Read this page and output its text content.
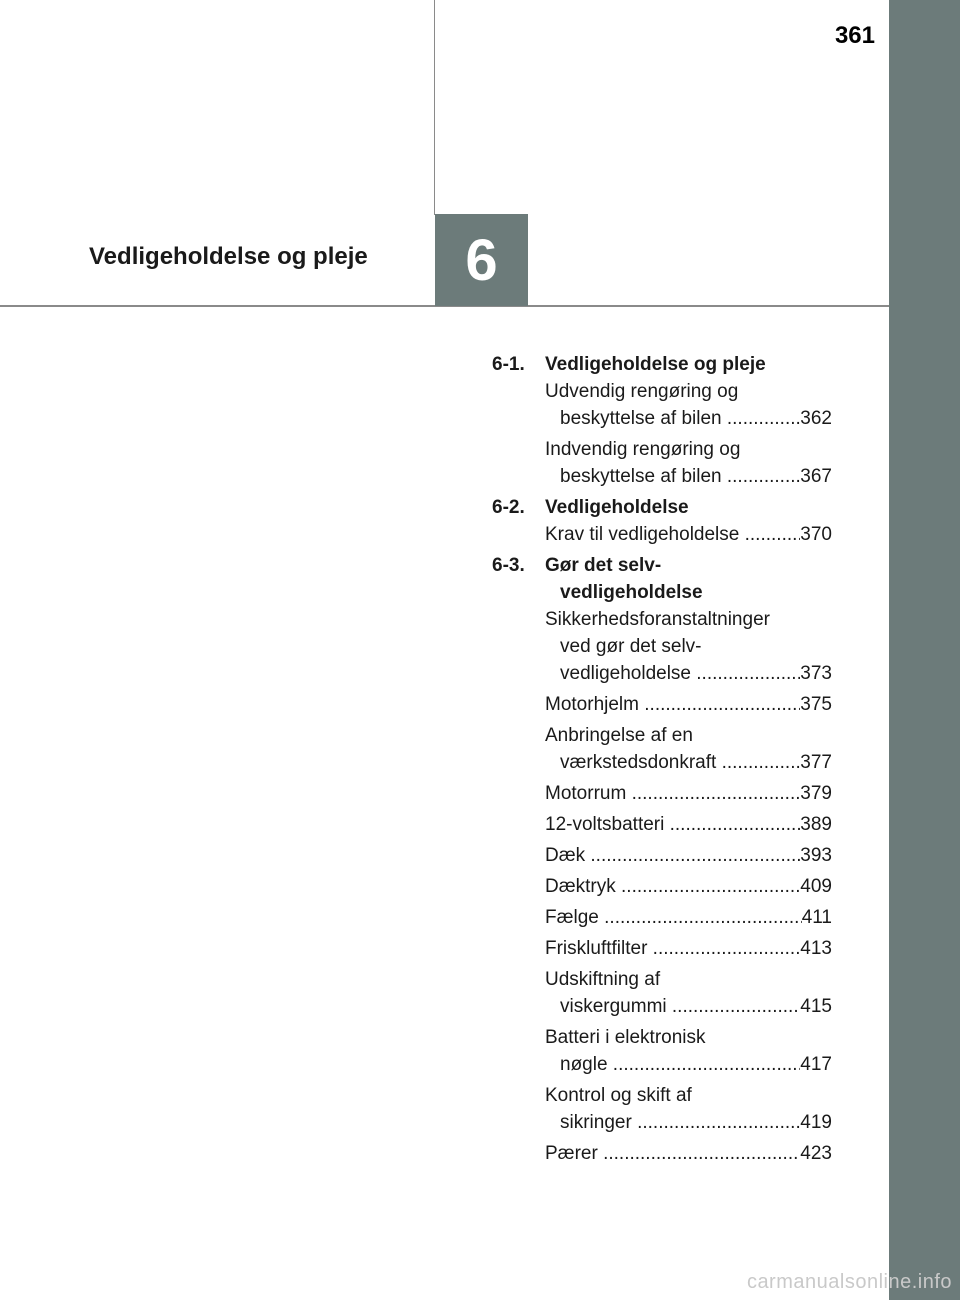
361
6
Vedligeholdelse og pleje
6-1.	Vedligeholdelse og pleje
Udvendig rengøring og
beskyttelse af bilen .....	362
Indvendig rengøring og
beskyttelse af bilen .....	367
6-2.	Vedligeholdelse
Krav til vedligeholdelse .....	370
6-3.	Gør det selv-
vedligeholdelse
Sikkerhedsforanstaltninger
ved gør det selv-
vedligeholdelse .....	373
Motorhjelm .....	375
Anbringelse af en
værkstedsdonkraft .....	377
Motorrum .....	379
12-voltsbatteri .....	389
Dæk .....	393
Dæktryk .....	409
Fælge .....	411
Friskluftfilter .....	413
Udskiftning af
viskergummi .....	415
Batteri i elektronisk
nøgle .....	417
Kontrol og skift af
sikringer .....	419
Pærer .....	423
carmanualsonline.info
